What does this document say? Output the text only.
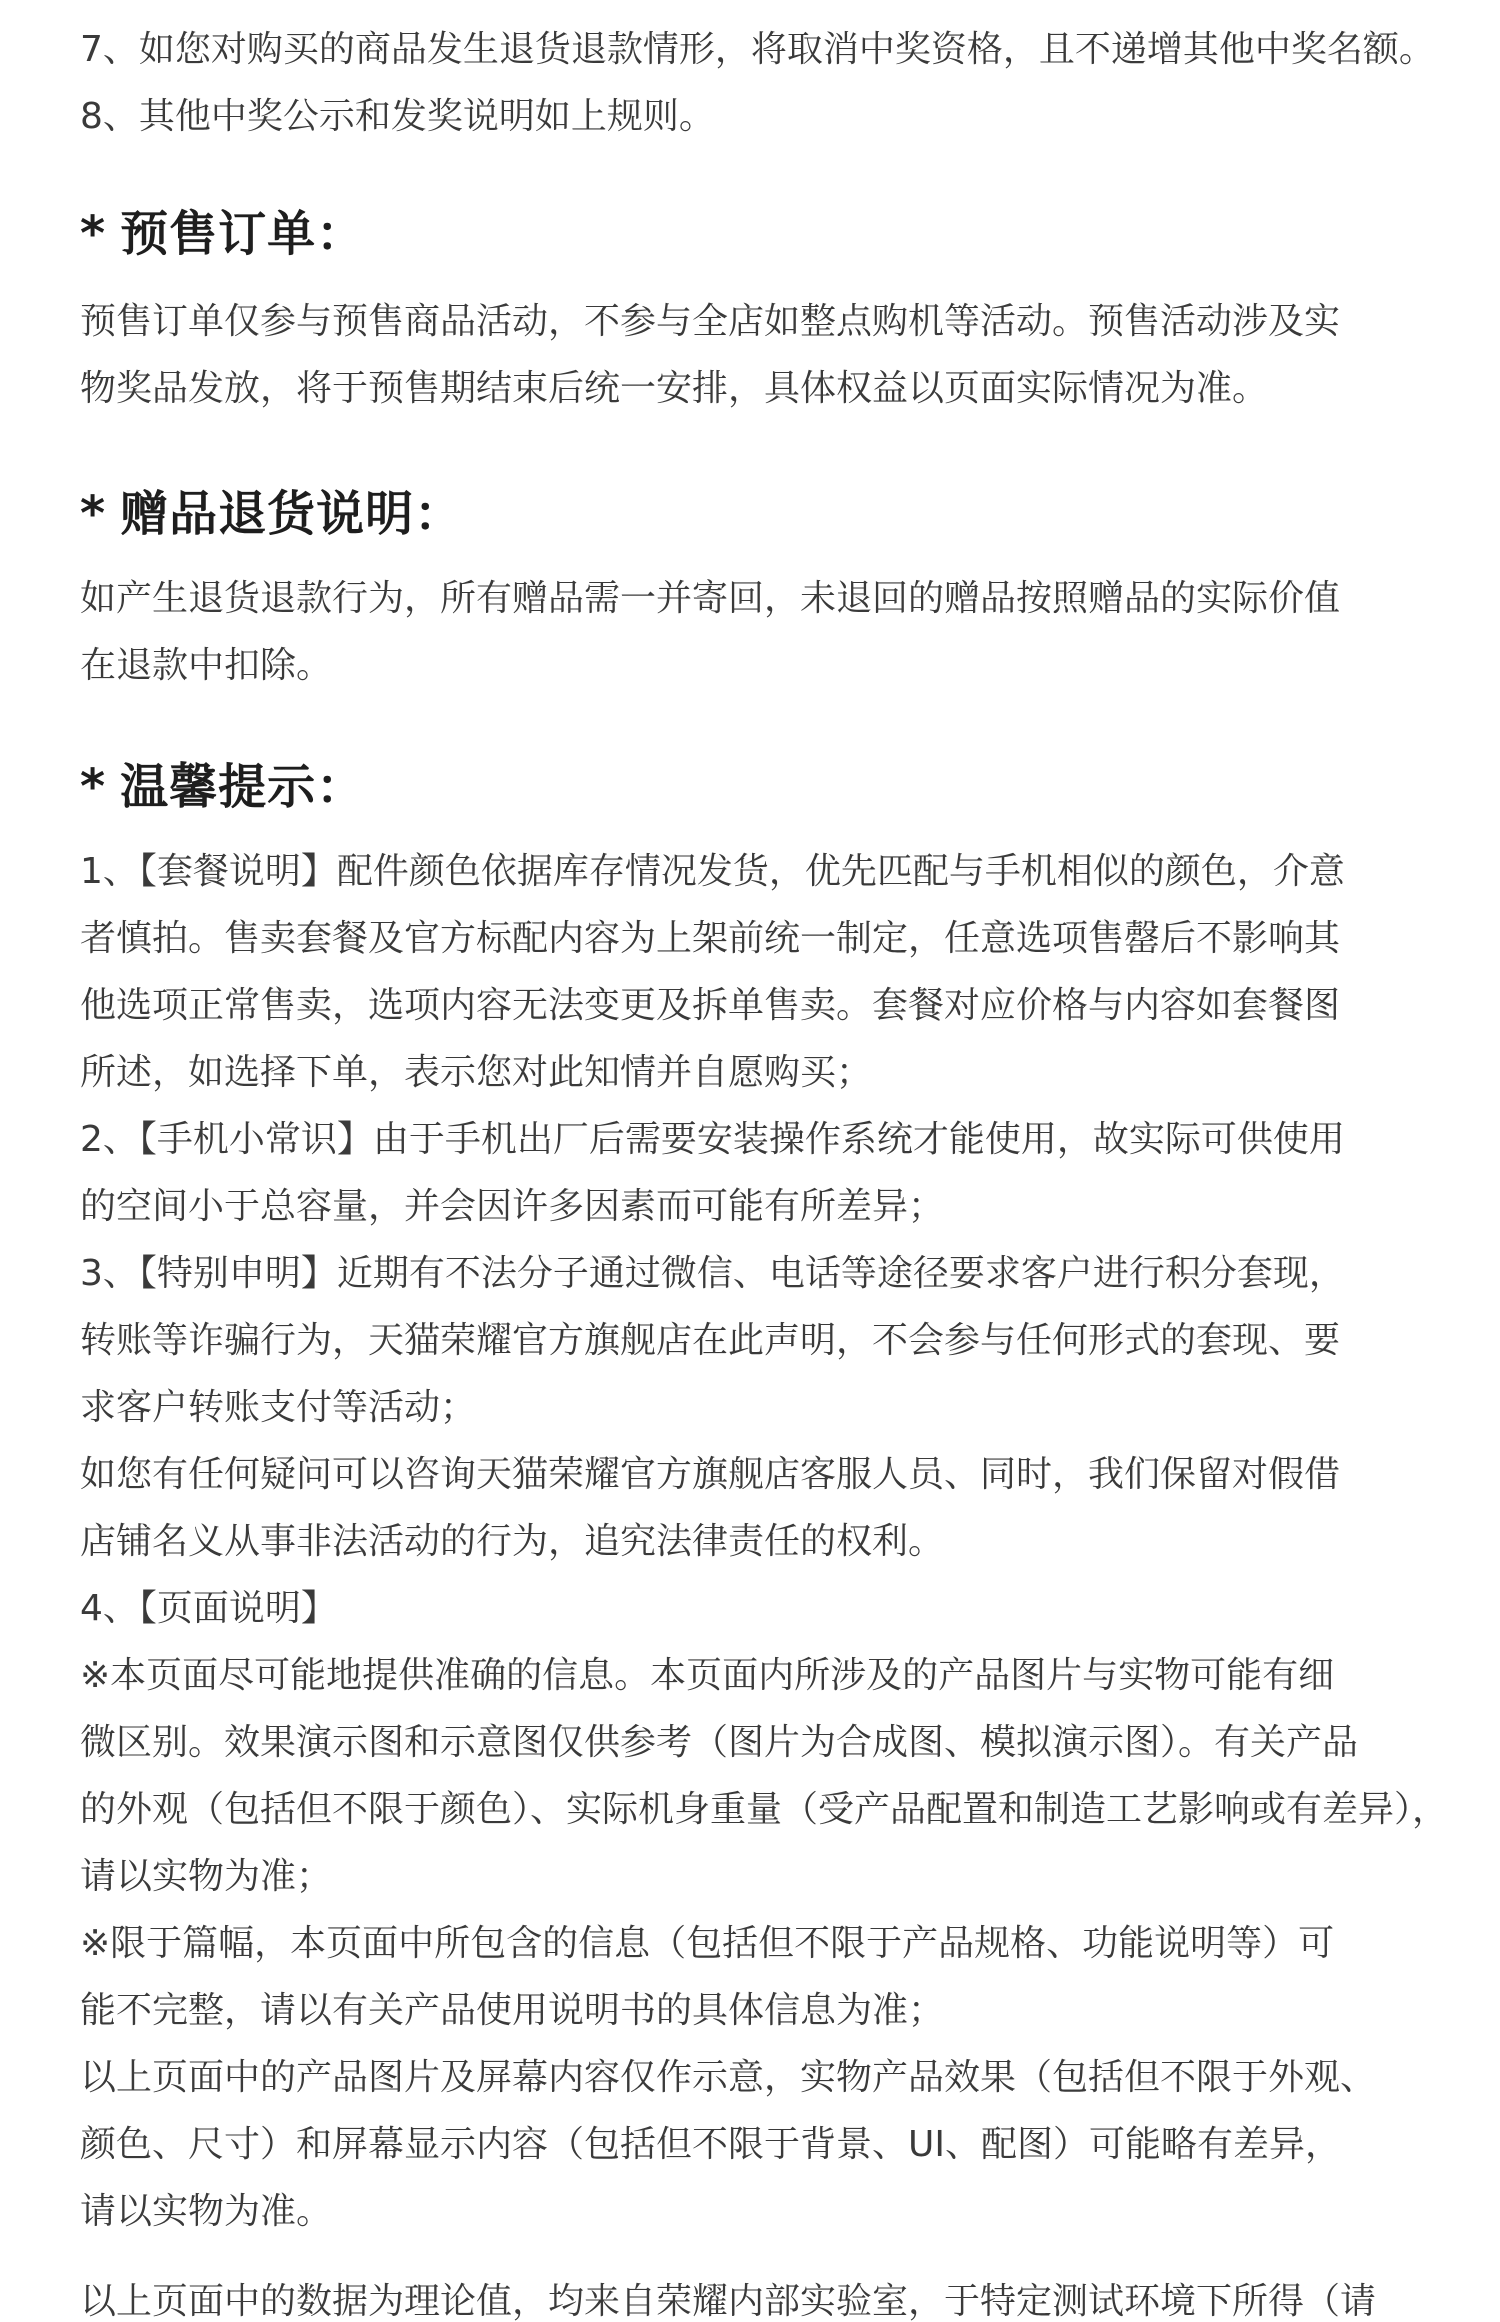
7、如您对购买的商品发生退货退款情形，将取消中奖资格，且不递增其他中奖名额。

8、其他中奖公示和发奖说明如上规则。

* 预售订单：

预售订单仅参与预售商品活动，不参与全店如整点购机等活动。预售活动涉及实

物奖品发放，将于预售期结束后统一安排，具体权益以页面实际情况为准。

* 赠品退货说明：

如产生退货退款行为，所有赠品需一并寄回，未退回的赠品按照赠品的实际价值

在退款中扣除。

* 温馨提示：

1、【套餐说明】配件颜色依据库存情况发货，优先匹配与手机相似的颜色，介意

者慎拍。售卖套餐及官方标配内容为上架前统一制定，任意选项售罄后不影响其

他选项正常售卖，选项内容无法变更及拆单售卖。套餐对应价格与内容如套餐图

所述，如选择下单，表示您对此知情并自愿购买；

2、【手机小常识】由于手机出厂后需要安装操作系统才能使用，故实际可供使用

的空间小于总容量，并会因许多因素而可能有所差异；

3、【特别申明】近期有不法分子通过微信、电话等途径要求客户进行积分套现，

转账等诈骗行为，天猫荣耀官方旗舰店在此声明，不会参与任何形式的套现、要

求客户转账支付等活动；

如您有任何疑问可以咨询天猫荣耀官方旗舰店客服人员、同时，我们保留对假借

店铺名义从事非法活动的行为，追究法律责任的权利。

4、【页面说明】

※本页面尽可能地提供准确的信息。本页面内所涉及的产品图片与实物可能有细

微区别。效果演示图和示意图仅供参考（图片为合成图、模拟演示图）。有关产品

的外观（包括但不限于颜色）、实际机身重量（受产品配置和制造工艺影响或有差异），

请以实物为准；

※限于篇幅，本页面中所包含的信息（包括但不限于产品规格、功能说明等）可

能不完整，请以有关产品使用说明书的具体信息为准；

以上页面中的产品图片及屏幕内容仅作示意，实物产品效果（包括但不限于外观、

颜色、尺寸）和屏幕显示内容（包括但不限于背景、UI、配图）可能略有差异，

请以实物为准。

以上页面中的数据为理论值，均来自荣耀内部实验室，于特定测试环境下所得（请
